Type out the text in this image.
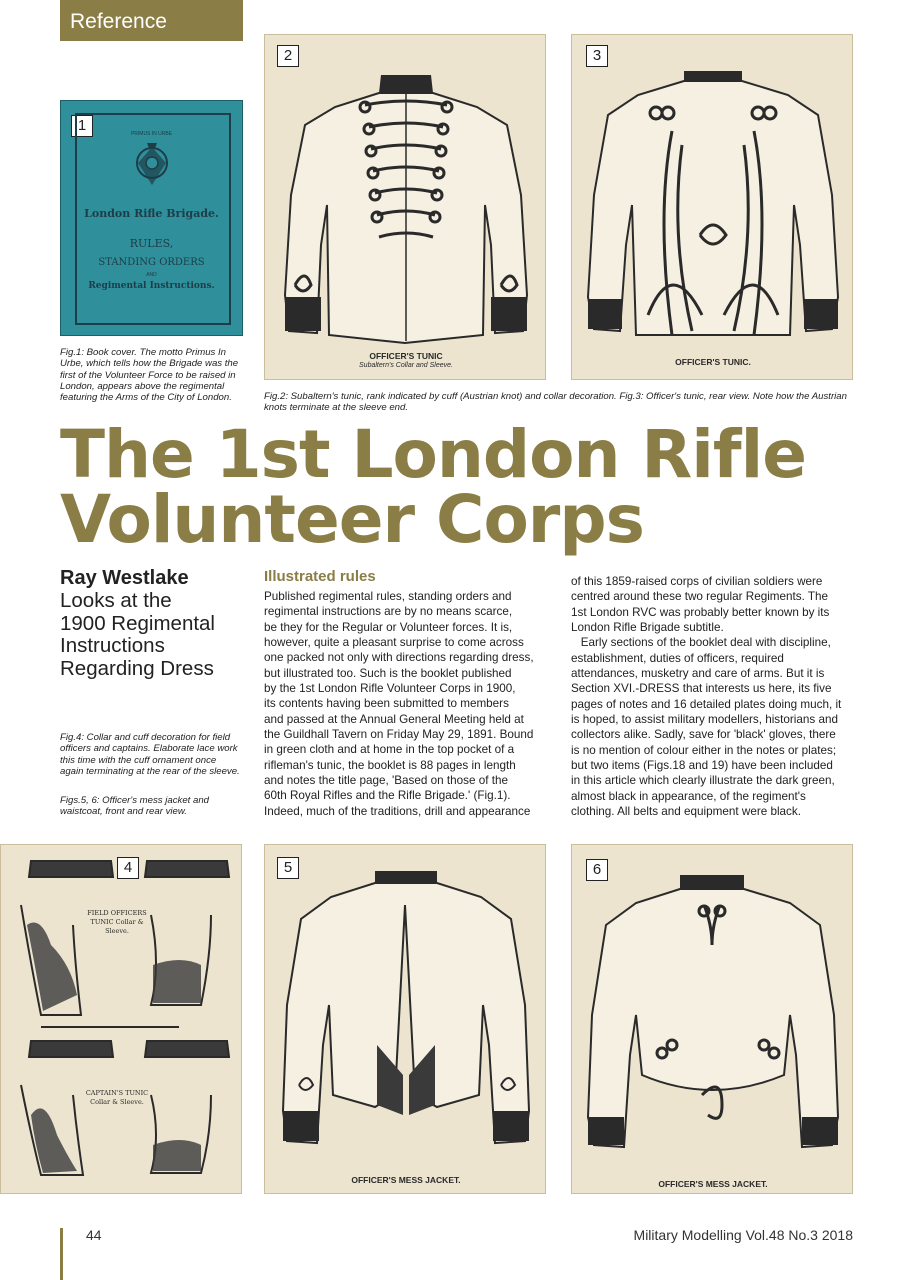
Reference
1	PRIMUS IN URBE
London Rifle Brigade.
RULES,
STANDING ORDERS
AND
Regimental Instructions.
Fig.1: Book cover. The motto Primus In Urbe, which tells how the Brigade was the first of the Volunteer Force to be raised in London, appears above the regimental featuring the Arms of the City of London.
2
OFFICER'S TUNIC
Subaltern's Collar and Sleeve.
3
OFFICER'S TUNIC.
Fig.2: Subaltern's tunic, rank indicated by cuff (Austrian knot) and collar decoration. Fig.3: Officer's tunic, rear view. Note how the Austrian knots terminate at the sleeve end.
The 1st London Rifle
Volunteer Corps
Ray Westlake
Looks at the
1900 Regimental
Instructions
Regarding Dress
Fig.4: Collar and cuff decoration for field officers and captains. Elaborate lace work this time with the cuff ornament once again terminating at the rear of the sleeve.
Figs.5, 6: Officer's mess jacket and waistcoat, front and rear view.
Illustrated rules

Published regimental rules, standing orders and

regimental instructions are by no means scarce,

be they for the Regular or Volunteer forces. It is,

however, quite a pleasant surprise to come across

one packed not only with directions regarding dress,

but illustrated too. Such is the booklet published

by the 1st London Rifle Volunteer Corps in 1900,

its contents having been submitted to members

and passed at the Annual General Meeting held at

the Guildhall Tavern on Friday May 29, 1891. Bound

in green cloth and at home in the top pocket of a

rifleman's tunic, the booklet is 88 pages in length

and notes the title page, 'Based on those of the

60th Royal Rifles and the Rifle Brigade.' (Fig.1).

Indeed, much of the traditions, drill and appearance

of this 1859-raised corps of civilian soldiers were

centred around these two regular Regiments. The

1st London RVC was probably better known by its

London Rifle Brigade subtitle.

Early sections of the booklet deal with discipline,

establishment, duties of officers, required

attendances, musketry and care of arms. But it is

Section XVI.-DRESS that interests us here, its five

pages of notes and 16 detailed plates doing much, it

is hoped, to assist military modellers, historians and

collectors alike. Sadly, save for 'black' gloves, there

is no mention of colour either in the notes or plates;

but two items (Figs.18 and 19) have been included

in this article which clearly illustrate the dark green,

almost black in appearance, of the regiment's

clothing. All belts and equipment were black.

4
FIELD OFFICERS TUNIC Collar & Sleeve.
CAPTAIN'S TUNIC Collar & Sleeve.
5
OFFICER'S MESS JACKET.
6
OFFICER'S MESS JACKET.
44	Military Modelling Vol.48 No.3 2018
